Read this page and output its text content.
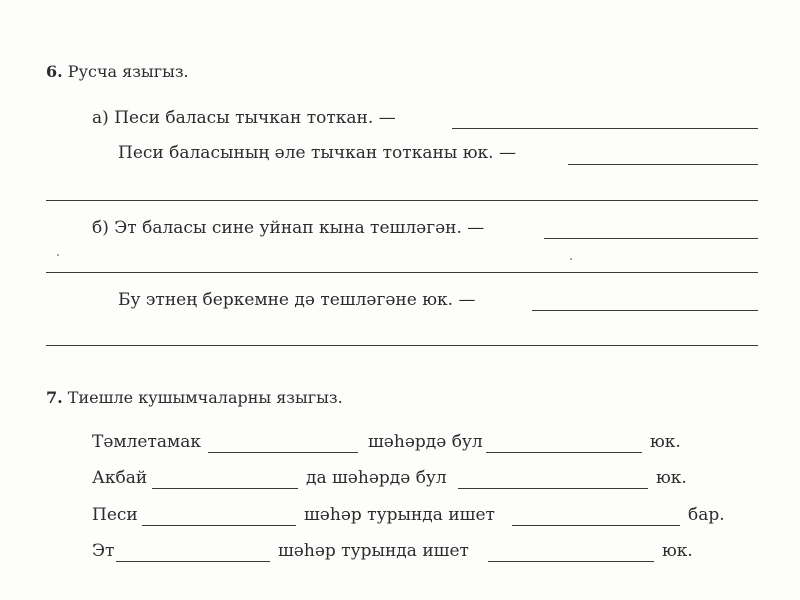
6. Русча языгыз.
а) Песи баласы тычкан тоткан. —
Песи баласының әле тычкан тотканы юк. —
б) Эт баласы сине уйнап кына тешләгән. —
Бу этнең беркемне дә тешләгәне юк. —
7. Тиешле кушымчаларны языгыз.
Тәмлетамак	шәһәрдә бул	юк.
Акбай	да шәһәрдә бул	юк.
Песи	шәһәр турында ишет	бар.
Эт	шәһәр турында ишет	юк.
